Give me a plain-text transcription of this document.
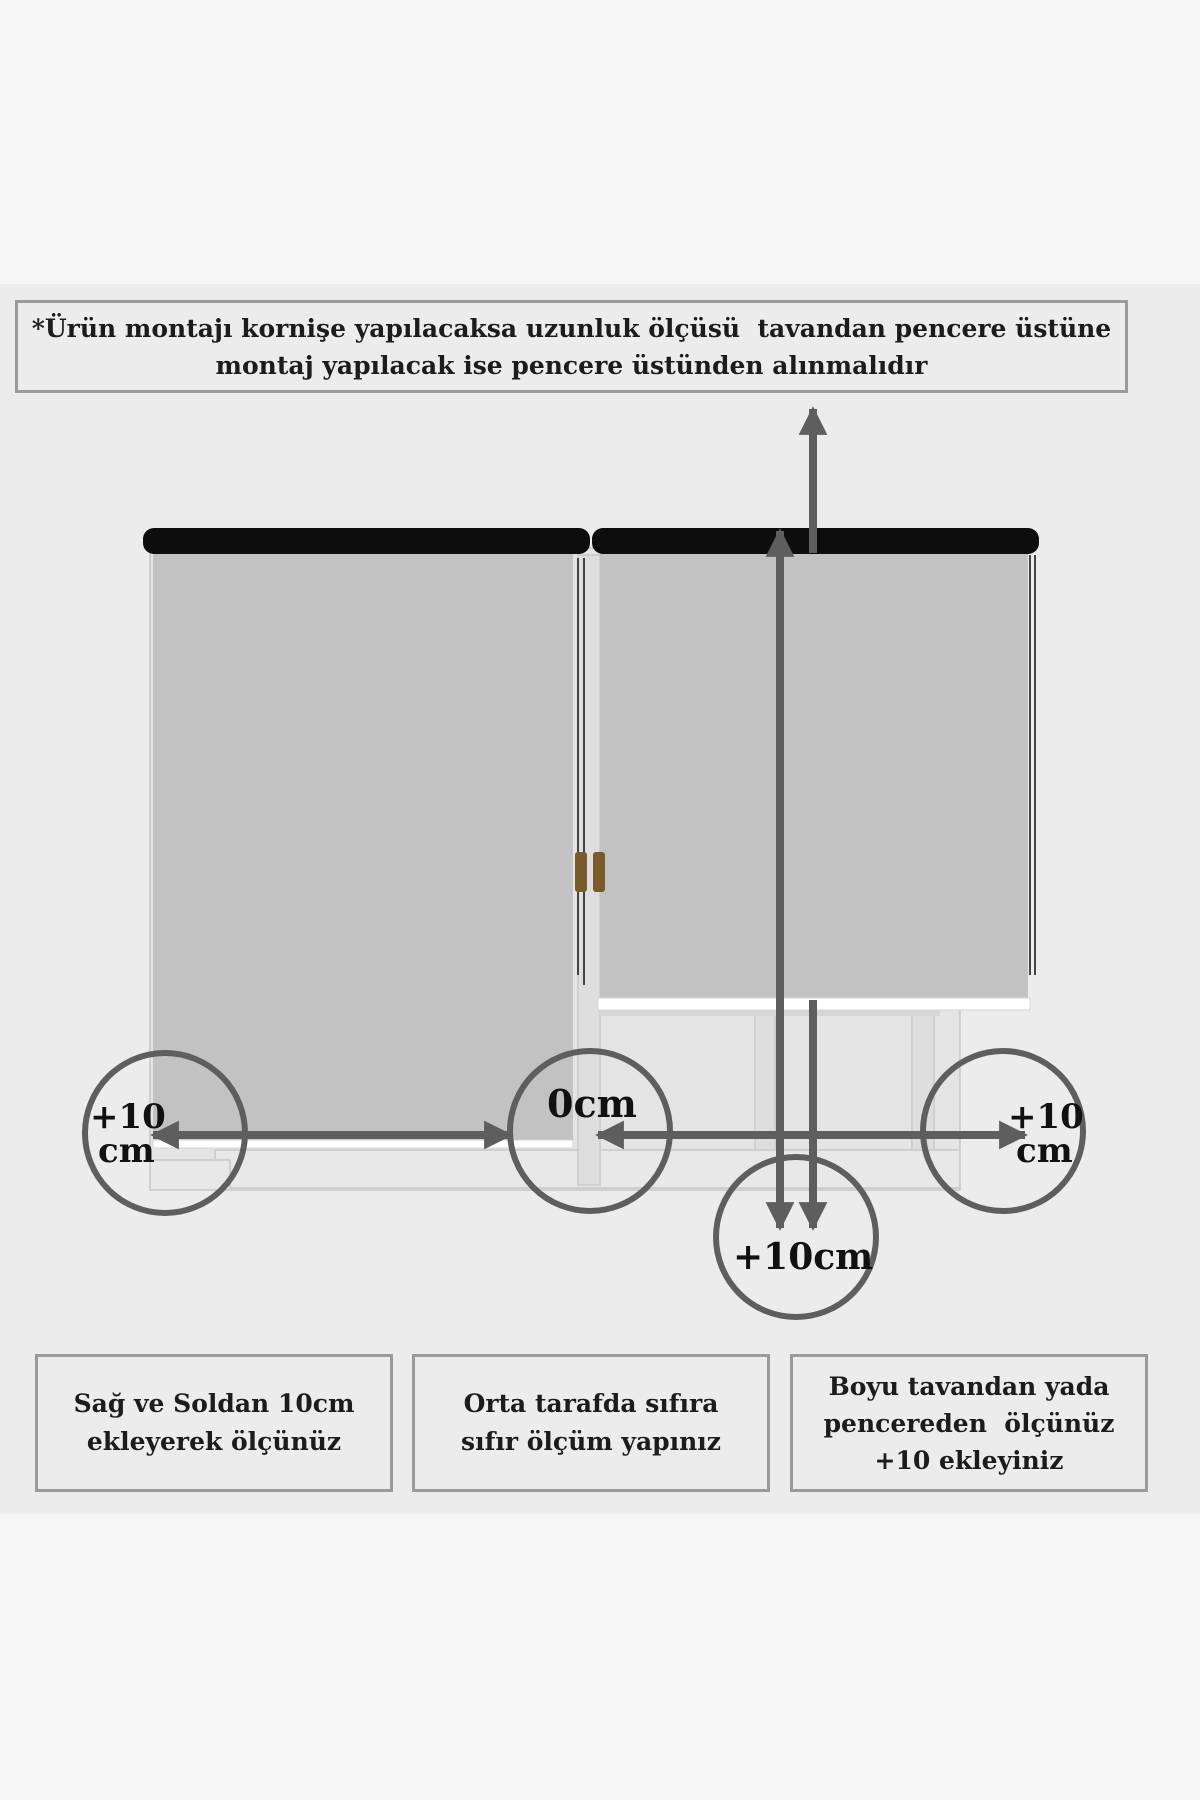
*Ürün montajı kornişe yapılacaksa uzunluk ölçüsü  tavandan pencere üstüne
montaj yapılacak ise pencere üstünden alınmalıdır
+10
cm
0cm	+10
cm
+10cm
Sağ ve Soldan 10cm
ekleyerek ölçünüz
Orta tarafda sıfıra
sıfır ölçüm yapınız
Boyu tavandan yada
pencereden  ölçünüz
+10 ekleyiniz
